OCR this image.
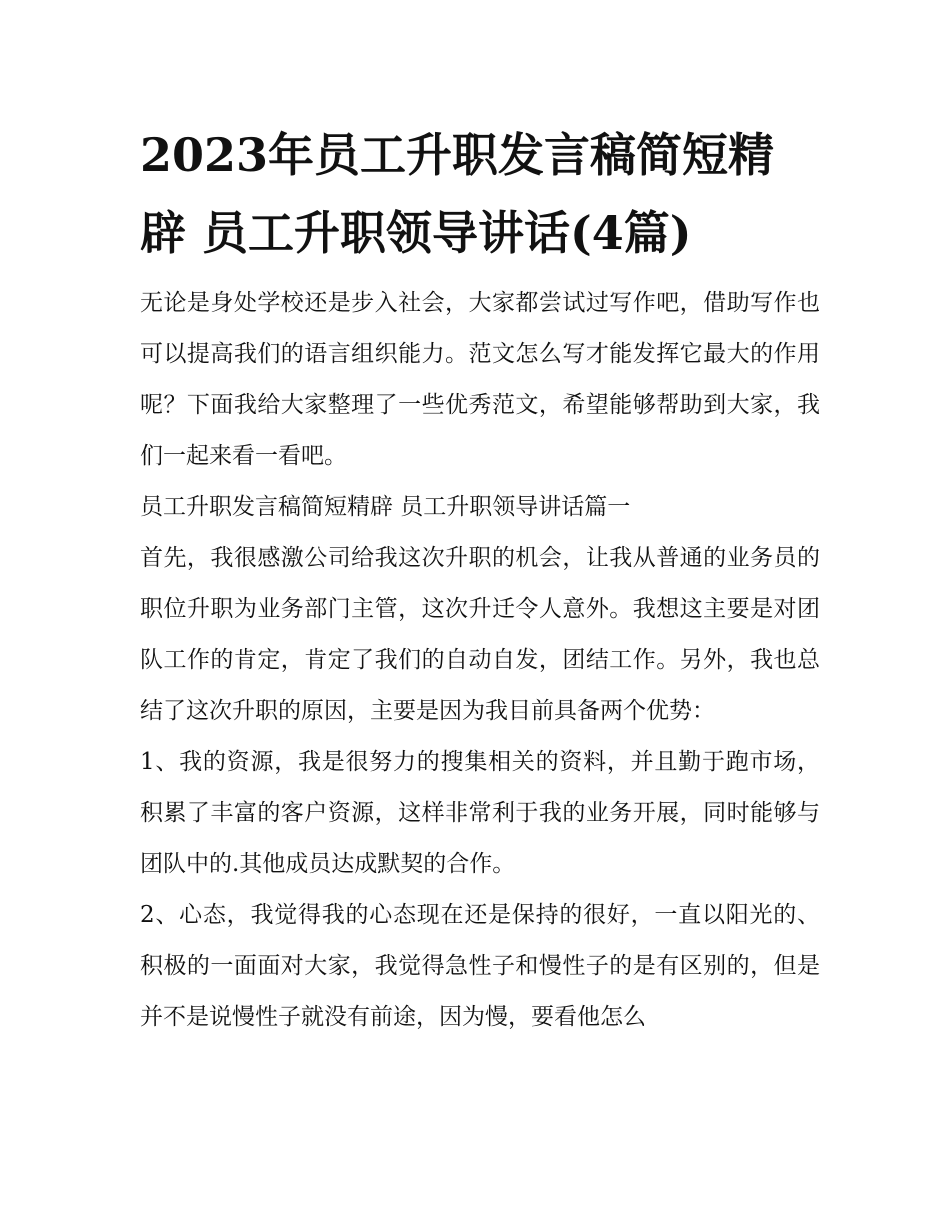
2023年员工升职发言稿简短精辟 员工升职领导讲话(4篇)

无论是身处学校还是步入社会，大家都尝试过写作吧，借助写作也可以提高我们的语言组织能力。范文怎么写才能发挥它最大的作用呢？下面我给大家整理了一些优秀范文，希望能够帮助到大家，我们一起来看一看吧。

员工升职发言稿简短精辟 员工升职领导讲话篇一

首先，我很感激公司给我这次升职的机会，让我从普通的业务员的职位升职为业务部门主管，这次升迁令人意外。我想这主要是对团队工作的肯定，肯定了我们的自动自发，团结工作。另外，我也总结了这次升职的原因，主要是因为我目前具备两个优势：

1、我的资源，我是很努力的搜集相关的资料，并且勤于跑市场，积累了丰富的客户资源，这样非常利于我的业务开展，同时能够与团队中的.其他成员达成默契的合作。

2、心态，我觉得我的心态现在还是保持的很好，一直以阳光的、积极的一面面对大家，我觉得急性子和慢性子的是有区别的，但是并不是说慢性子就没有前途，因为慢，要看他怎么
